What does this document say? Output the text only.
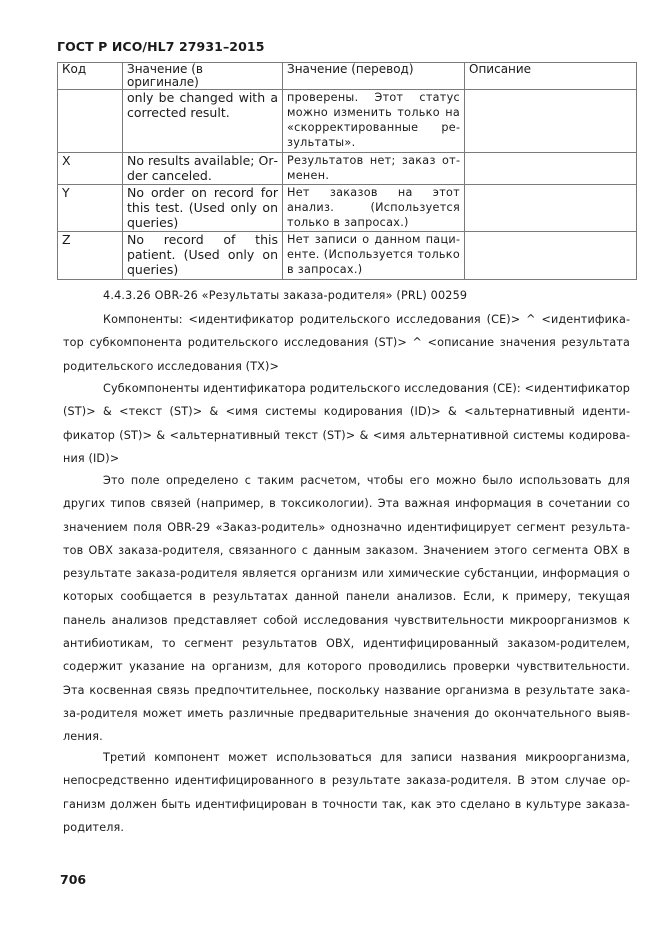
ГОСТ Р ИСО/HL7 27931–2015
Код	Значение (в оригинале)	Значение (перевод)	Описание
	only be changed with a corrected result.	проверены. Этот статус можно изменить только на «скорректированные результаты».	
X	No results available; Order canceled.	Результатов нет; заказ отменен.	
Y	No order on record for this test. (Used only on queries)	Нет заказов на этот анализ. (Используется только в запросах.)	
Z	No record of this patient. (Used only on queries)	Нет записи о данном пациенте. (Используется только в запросах.)	
4.4.3.26 OBR-26 «Результаты заказа-родителя» (PRL) 00259

Компоненты: <идентификатор родительского исследования (CE)> ^ <идентификатор субкомпонента родительского исследования (ST)> ^ <описание значения результата родительского исследования (TX)>

Субкомпоненты идентификатора родительского исследования (CE): <идентификатор (ST)> & <текст (ST)> & <имя системы кодирования (ID)> & <альтернативный идентификатор (ST)> & <альтернативный текст (ST)> & <имя альтернативной системы кодирования (ID)>

Это поле определено с таким расчетом, чтобы его можно было использовать для других типов связей (например, в токсикологии). Эта важная информация в сочетании со значением поля OBR-29 «Заказ-родитель» однозначно идентифицирует сегмент результатов OBX заказа-родителя, связанного с данным заказом. Значением этого сегмента OBX в результате заказа-родителя является организм или химические субстанции, информация о которых сообщается в результатах данной панели анализов. Если, к примеру, текущая панель анализов представляет собой исследования чувствительности микроорганизмов к антибиотикам, то сегмент результатов OBX, идентифицированный заказом-родителем, содержит указание на организм, для которого проводились проверки чувствительности. Эта косвенная связь предпочтительнее, поскольку название организма в результате заказа-родителя может иметь различные предварительные значения до окончательного выявления.

Третий компонент может использоваться для записи названия микроорганизма, непосредственно идентифицированного в результате заказа-родителя. В этом случае организм должен быть идентифицирован в точности так, как это сделано в культуре заказа-родителя.

706
